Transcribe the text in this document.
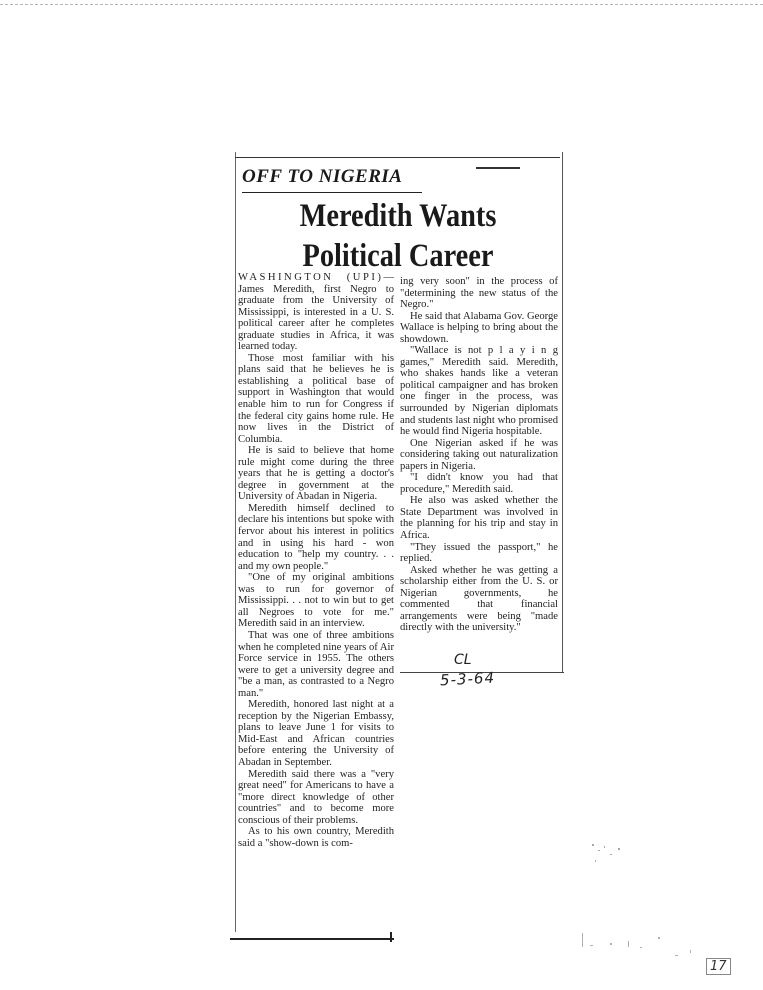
OFF TO NIGERIA
Meredith Wants
Political Career

WASHINGTON (UPI)—James Meredith, first Negro to graduate from the University of Mississippi, is interested in a U. S. political career after he completes graduate studies in Africa, it was learned today.

Those most familiar with his plans said that he believes he is establishing a political base of support in Washington that would enable him to run for Congress if the federal city gains home rule. He now lives in the District of Columbia.

He is said to believe that home rule might come during the three years that he is getting a doctor's degree in government at the University of Abadan in Nigeria.

Meredith himself declined to declare his intentions but spoke with fervor about his interest in politics and in using his hard - won education to "help my country. . . and my own people."

"One of my original ambitions was to run for governor of Mississippi. . . not to win but to get all Negroes to vote for me." Meredith said in an interview.

That was one of three ambitions when he completed nine years of Air Force service in 1955. The others were to get a university degree and "be a man, as contrasted to a Negro man."

Meredith, honored last night at a reception by the Nigerian Embassy, plans to leave June 1 for visits to Mid-East and African countries before entering the University of Abadan in September.

Meredith said there was a "very great need" for Americans to have a "more direct knowledge of other countries" and to become more conscious of their problems.

As to his own country, Meredith said a "show-down is com-

ing very soon" in the process of "determining the new status of the Negro."

He said that Alabama Gov. George Wallace is helping to bring about the showdown.

"Wallace is not p l a y i n g games," Meredith said. Meredith, who shakes hands like a veteran political campaigner and has broken one finger in the process, was surrounded by Nigerian diplomats and students last night who promised he would find Nigeria hospitable.

One Nigerian asked if he was considering taking out naturalization papers in Nigeria.

"I didn't know you had that procedure," Meredith said.

He also was asked whether the State Department was involved in the planning for his trip and stay in Africa.

"They issued the passport," he replied.

Asked whether he was getting a scholarship either from the U. S. or Nigerian governments, he commented that financial arrangements were being "made directly with the university."

CL
5-3-64
17
